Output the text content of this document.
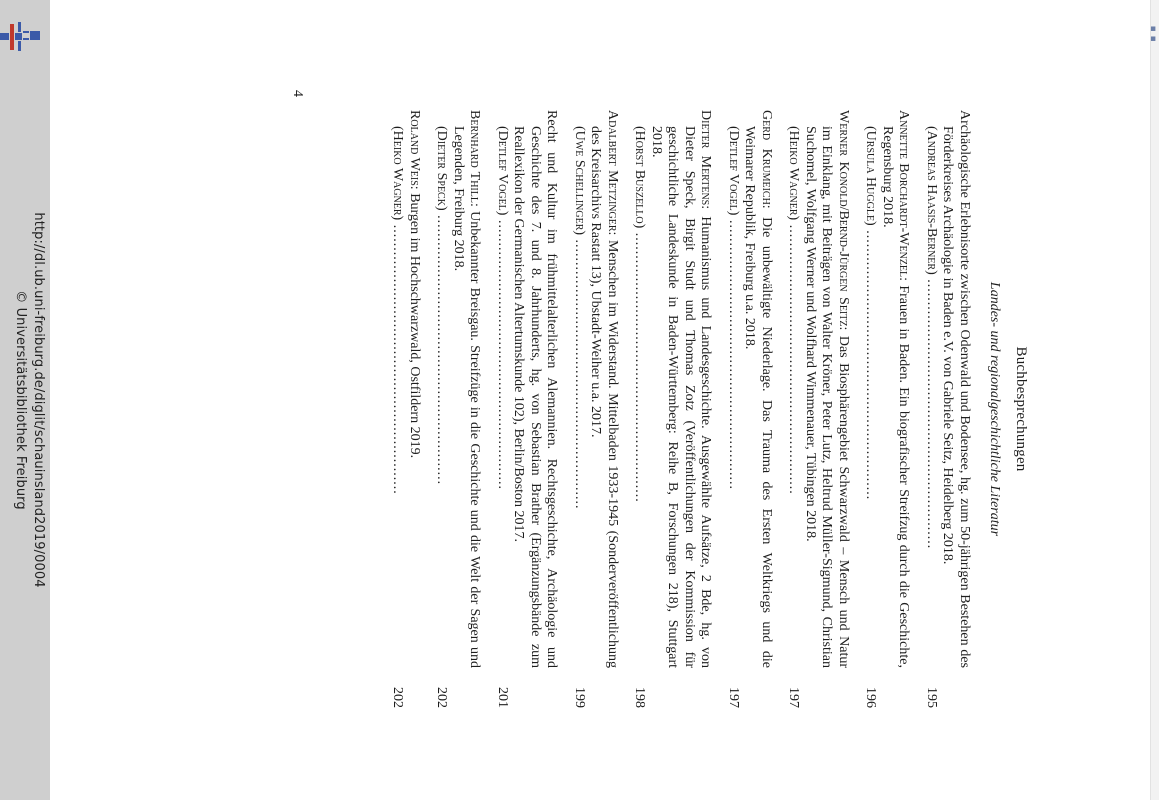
http://dl.ub.uni-freiburg.de/diglit/schauinsland2019/0004
© Universitätsbibliothek Freiburg
▪
▪
Buchbesprechungen
Landes- und regionalgeschichtliche Literatur
Archäologische Erlebnisorte zwischen Odenwald und Bodensee, hg. zum 50-jährigen Bestehen des Förderkreises Archäologie in Baden e.V. von Gabriele Seitz, Heidelberg 2018.
(Andreas Haasis-Berner) ............................................................
195
Annette Borchardt-Wenzel: Frauen in Baden. Ein biografischer Streifzug durch die Geschichte, Regensburg 2018.
(Ursula Huggle) ............................................................
196
Werner Konold/Bernd-Jürgen Seitz: Das Biosphärengebiet Schwarzwald – Mensch und Natur im Einklang, mit Beiträgen von Walter Kröner, Peter Lutz, Heltrud Müller-Sigmund, Christian Suchomel, Wolfgang Werner und Wolfhard Wimmenauer, Tübingen 2018.
(Heiko Wagner) ............................................................
197
Gerd Krumeich: Die unbewältigte Niederlage. Das Trauma des Ersten Weltkriegs und die Weimarer Republik, Freiburg u.a. 2018.
(Detlef Vogel) ............................................................
197
Dieter Mertens: Humanismus und Landesgeschichte. Ausgewählte Aufsätze, 2 Bde, hg. von Dieter Speck, Birgit Studt und Thomas Zotz (Veröffentlichungen der Kommission für geschichtliche Landeskunde in Baden-Württemberg: Reihe B, Forschungen 218), Stuttgart 2018.
(Horst Buszello) ............................................................
198
Adalbert Metzinger: Menschen im Widerstand. Mittelbaden 1933-1945 (Sonderveröffentlichung des Kreisarchivs Rastatt 13), Ubstadt-Weiher u.a. 2017.
(Uwe Schellinger) ............................................................
199
Recht und Kultur im frühmittelalterlichen Alemannien. Rechtsgeschichte, Archäologie und Geschichte des 7. und 8. Jahrhunderts, hg. von Sebastian Brather (Ergänzungsbände zum Reallexikon der Germanischen Altertumskunde 102), Berlin/Boston 2017.
(Detlef Vogel) ............................................................
201
Bernhard Thill: Unbekannter Breisgau. Streifzüge in die Geschichte und die Welt der Sagen und Legenden, Freiburg 2018.
(Dieter Speck) ............................................................
202
Roland Weis: Burgen im Hochschwarzwald, Ostfildern 2019.
(Heiko Wagner) ............................................................
202
4
